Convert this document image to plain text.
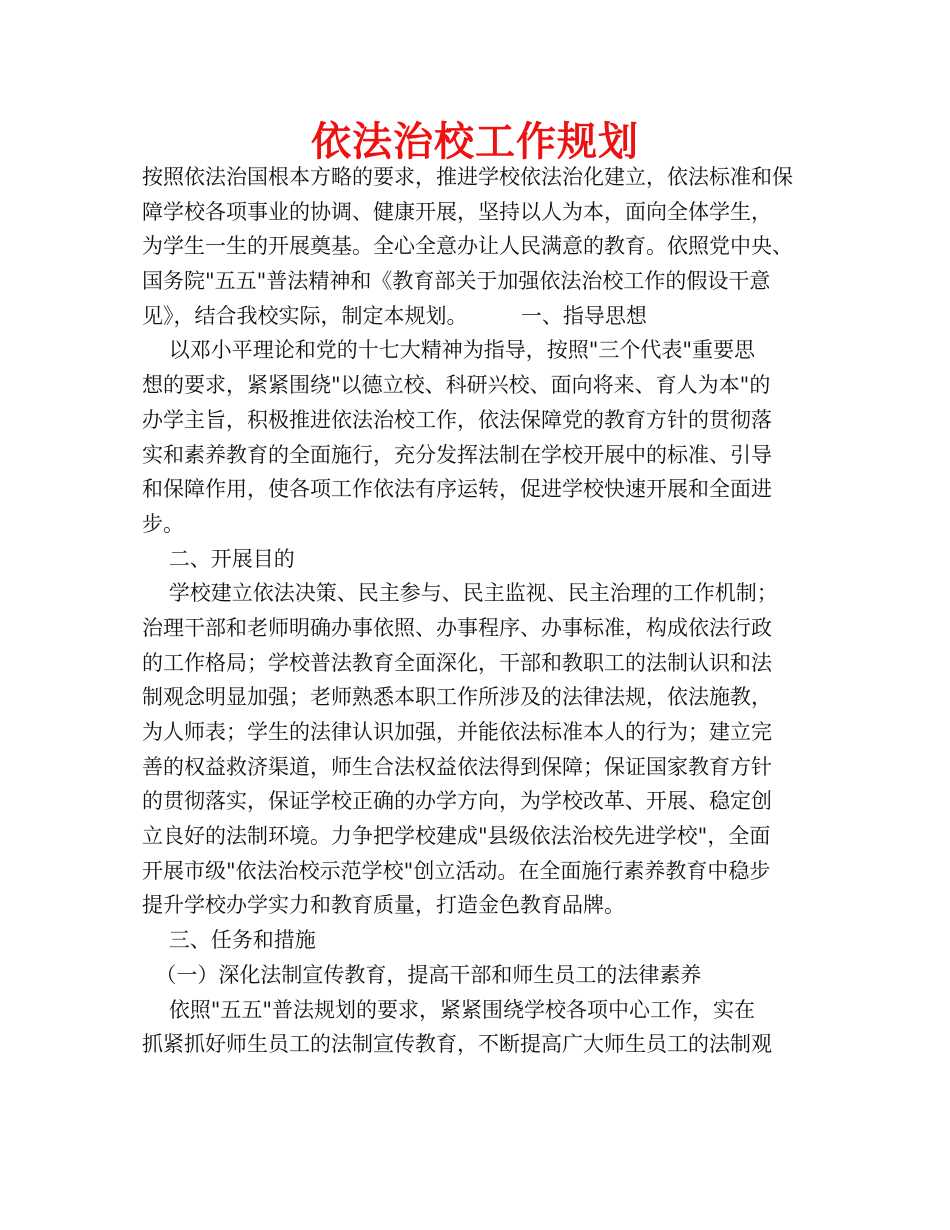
依法治校工作规划
按照依法治国根本方略的要求，推进学校依法治化建立，依法标准和保
障学校各项事业的协调、健康开展，坚持以人为本，面向全体学生，
为学生一生的开展奠基。全心全意办让人民满意的教育。依照党中央、
国务院"五五"普法精神和《教育部关于加强依法治校工作的假设干意
见》，结合我校实际，制定本规划。        一、指导思想
以邓小平理论和党的十七大精神为指导，按照"三个代表"重要思
想的要求，紧紧围绕"以德立校、科研兴校、面向将来、育人为本"的
办学主旨，积极推进依法治校工作，依法保障党的教育方针的贯彻落
实和素养教育的全面施行，充分发挥法制在学校开展中的标准、引导
和保障作用，使各项工作依法有序运转，促进学校快速开展和全面进
步。
二、开展目的
学校建立依法决策、民主参与、民主监视、民主治理的工作机制；
治理干部和老师明确办事依照、办事程序、办事标准，构成依法行政
的工作格局；学校普法教育全面深化，干部和教职工的法制认识和法
制观念明显加强；老师熟悉本职工作所涉及的法律法规，依法施教，
为人师表；学生的法律认识加强，并能依法标准本人的行为；建立完
善的权益救济渠道，师生合法权益依法得到保障；保证国家教育方针
的贯彻落实，保证学校正确的办学方向，为学校改革、开展、稳定创
立良好的法制环境。力争把学校建成"县级依法治校先进学校"，全面
开展市级"依法治校示范学校"创立活动。在全面施行素养教育中稳步
提升学校办学实力和教育质量，打造金色教育品牌。
三、任务和措施
（一）深化法制宣传教育，提高干部和师生员工的法律素养
依照"五五"普法规划的要求，紧紧围绕学校各项中心工作，实在
抓紧抓好师生员工的法制宣传教育，不断提高广大师生员工的法制观
